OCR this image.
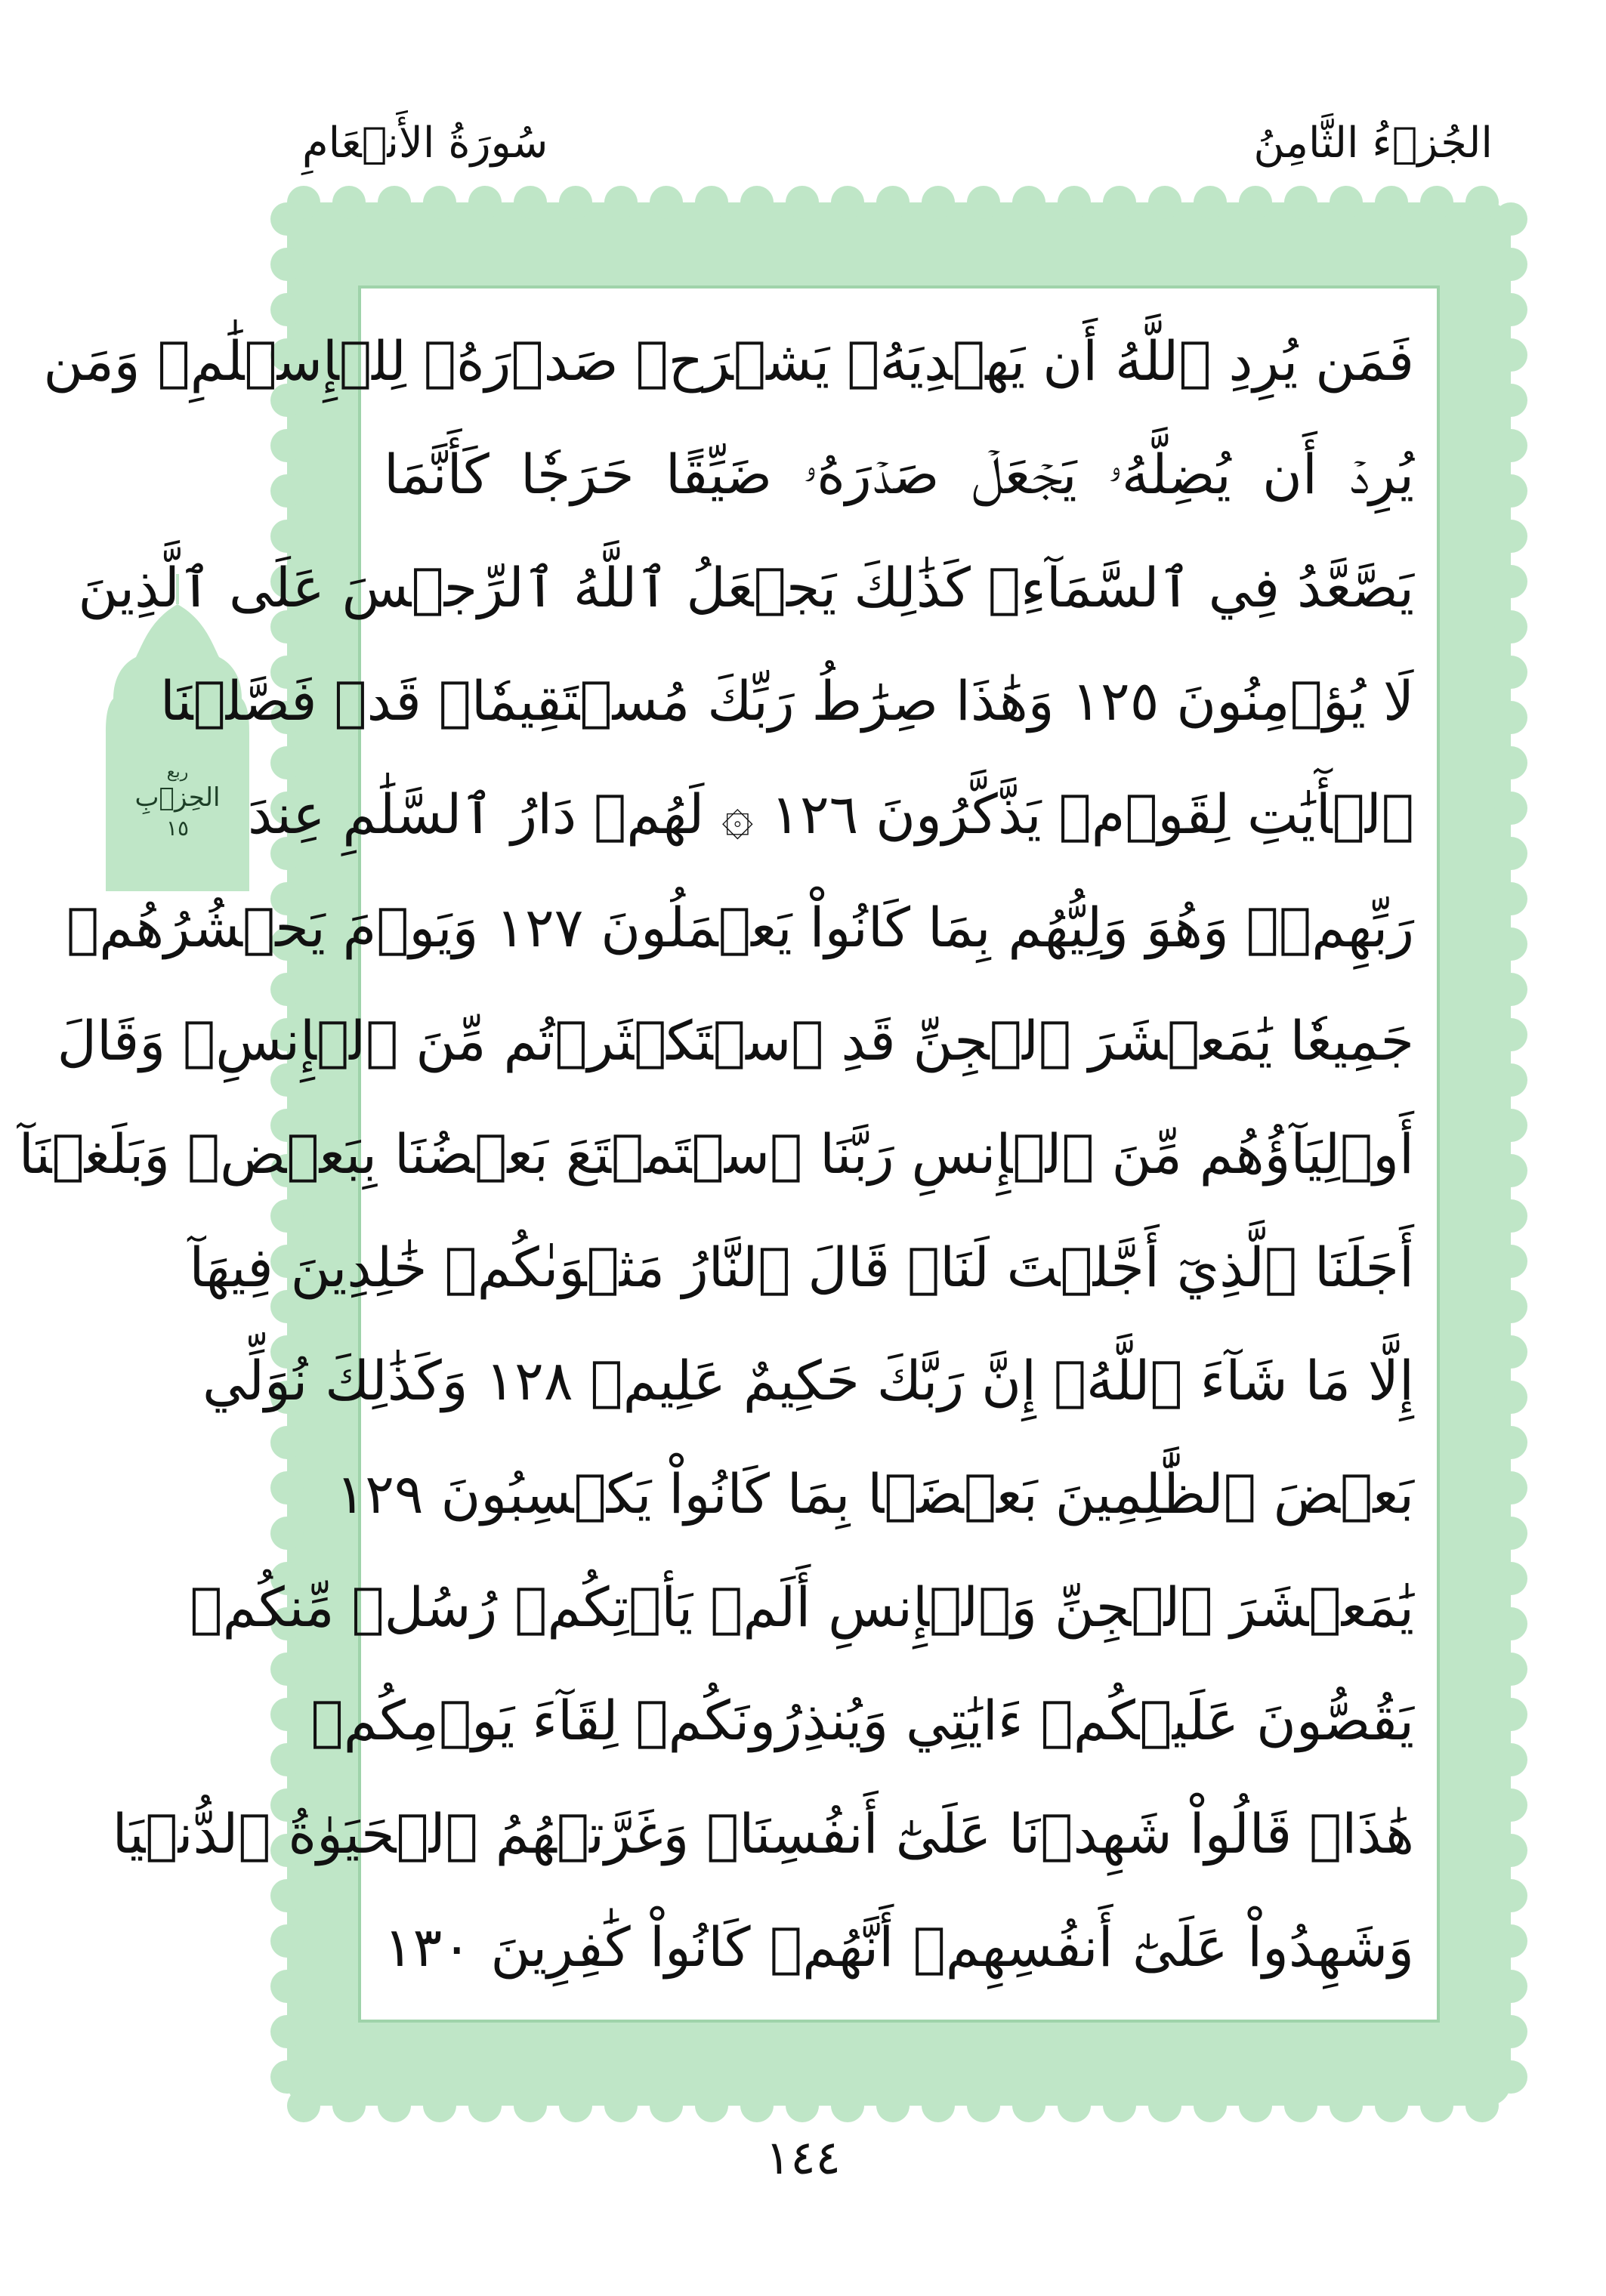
سُورَةُ الأَنۡعَامِ	الجُزۡءُ الثَّامِنُ
ربع
الحِزۡبِ
١٥
فَمَن يُرِدِ ٱللَّهُ أَن يَهۡدِيَهُۥ يَشۡرَحۡ صَدۡرَهُۥ لِلۡإِسۡلَٰمِۖ وَمَن
يُرِدۡ أَن يُضِلَّهُۥ يَجۡعَلۡ صَدۡرَهُۥ ضَيِّقًا حَرَجٗا كَأَنَّمَا
يَصَّعَّدُ فِي ٱلسَّمَآءِۚ كَذَٰلِكَ يَجۡعَلُ ٱللَّهُ ٱلرِّجۡسَ عَلَى ٱلَّذِينَ
لَا يُؤۡمِنُونَ ١٢٥ وَهَٰذَا صِرَٰطُ رَبِّكَ مُسۡتَقِيمٗاۗ قَدۡ فَصَّلۡنَا
ٱلۡأٓيَٰتِ لِقَوۡمٖ يَذَّكَّرُونَ ١٢٦ ۞ لَهُمۡ دَارُ ٱلسَّلَٰمِ عِندَ
رَبِّهِمۡۖ وَهُوَ وَلِيُّهُم بِمَا كَانُواْ يَعۡمَلُونَ ١٢٧ وَيَوۡمَ يَحۡشُرُهُمۡ
جَمِيعٗا يَٰمَعۡشَرَ ٱلۡجِنِّ قَدِ ٱسۡتَكۡثَرۡتُم مِّنَ ٱلۡإِنسِۖ وَقَالَ
أَوۡلِيَآؤُهُم مِّنَ ٱلۡإِنسِ رَبَّنَا ٱسۡتَمۡتَعَ بَعۡضُنَا بِبَعۡضٖ وَبَلَغۡنَآ
أَجَلَنَا ٱلَّذِيٓ أَجَّلۡتَ لَنَاۚ قَالَ ٱلنَّارُ مَثۡوَىٰكُمۡ خَٰلِدِينَ فِيهَآ
إِلَّا مَا شَآءَ ٱللَّهُۚ إِنَّ رَبَّكَ حَكِيمٌ عَلِيمٞ ١٢٨ وَكَذَٰلِكَ نُوَلِّي
بَعۡضَ ٱلظَّٰلِمِينَ بَعۡضَۢا بِمَا كَانُواْ يَكۡسِبُونَ ١٢٩
يَٰمَعۡشَرَ ٱلۡجِنِّ وَٱلۡإِنسِ أَلَمۡ يَأۡتِكُمۡ رُسُلٞ مِّنكُمۡ
يَقُصُّونَ عَلَيۡكُمۡ ءَايَٰتِي وَيُنذِرُونَكُمۡ لِقَآءَ يَوۡمِكُمۡ
هَٰذَاۚ قَالُواْ شَهِدۡنَا عَلَىٰٓ أَنفُسِنَاۖ وَغَرَّتۡهُمُ ٱلۡحَيَوٰةُ ٱلدُّنۡيَا
وَشَهِدُواْ عَلَىٰٓ أَنفُسِهِمۡ أَنَّهُمۡ كَانُواْ كَٰفِرِينَ ١٣٠
١٤٤
